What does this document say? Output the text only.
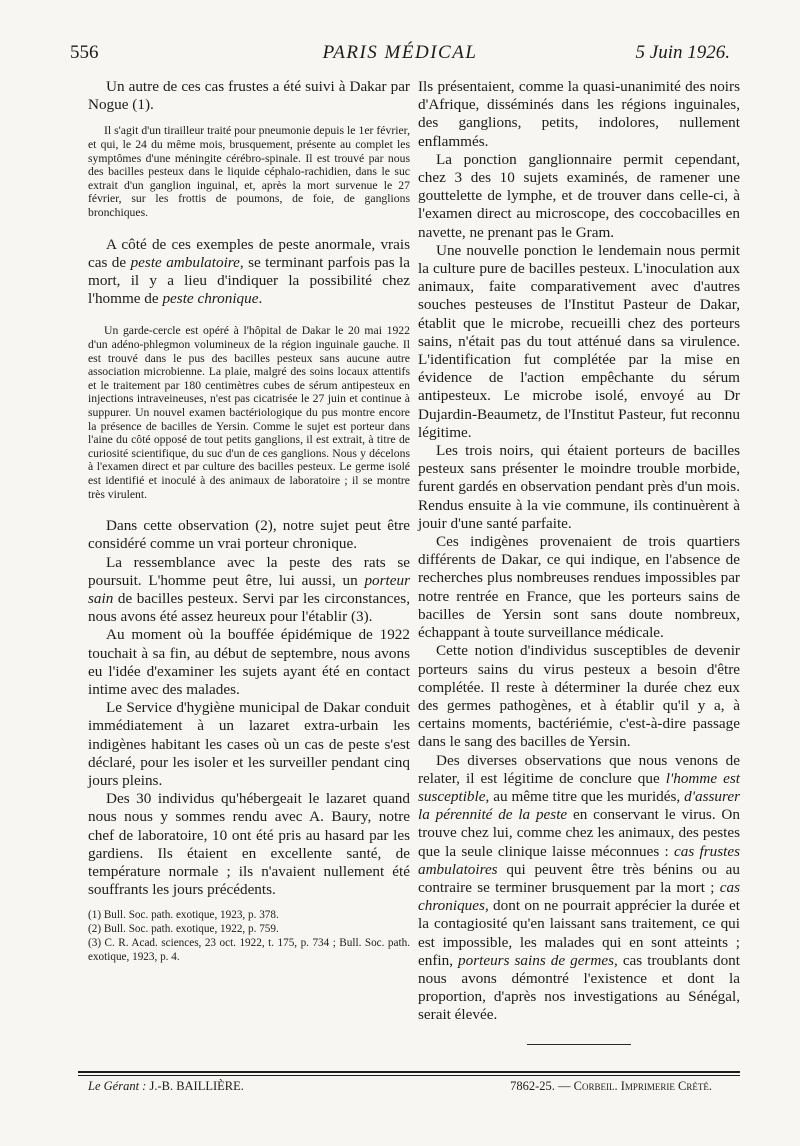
556	PARIS MÉDICAL	5 Juin 1926.

Un autre de ces cas frustes a été suivi à Dakar par Nogue (1).

Il s'agit d'un tirailleur traité pour pneumonie depuis le 1er février, et qui, le 24 du même mois, brusquement, présente au complet les symptômes d'une méningite cérébro-spinale. Il est trouvé par nous des bacilles pesteux dans le liquide céphalo-rachidien, dans le suc extrait d'un ganglion inguinal, et, après la mort survenue le 27 février, sur les frottis de poumons, de foie, de ganglions bronchiques.

A côté de ces exemples de peste anormale, vrais cas de peste ambulatoire, se terminant parfois pas la mort, il y a lieu d'indiquer la possibilité chez l'homme de peste chronique.

Un garde-cercle est opéré à l'hôpital de Dakar le 20 mai 1922 d'un adéno-phlegmon volumineux de la région inguinale gauche. Il est trouvé dans le pus des bacilles pesteux sans aucune autre association microbienne. La plaie, malgré des soins locaux attentifs et le traitement par 180 centimètres cubes de sérum antipesteux en injections intraveineuses, n'est pas cicatrisée le 27 juin et continue à suppurer. Un nouvel examen bactériologique du pus montre encore la présence de bacilles de Yersin. Comme le sujet est porteur dans l'aine du côté opposé de tout petits ganglions, il est extrait, à titre de curiosité scientifique, du suc d'un de ces ganglions. Nous y décelons à l'examen direct et par culture des bacilles pesteux. Le germe isolé est identifié et inoculé à des animaux de laboratoire ; il se montre très virulent.

Dans cette observation (2), notre sujet peut être considéré comme un vrai porteur chronique.

La ressemblance avec la peste des rats se poursuit. L'homme peut être, lui aussi, un porteur sain de bacilles pesteux. Servi par les circonstances, nous avons été assez heureux pour l'établir (3).

Au moment où la bouffée épidémique de 1922 touchait à sa fin, au début de septembre, nous avons eu l'idée d'examiner les sujets ayant été en contact intime avec des malades.

Le Service d'hygiène municipal de Dakar conduit immédiatement à un lazaret extra-urbain les indigènes habitant les cases où un cas de peste s'est déclaré, pour les isoler et les surveiller pendant cinq jours pleins.

Des 30 individus qu'hébergeait le lazaret quand nous nous y sommes rendu avec A. Baury, notre chef de laboratoire, 10 ont été pris au hasard par les gardiens. Ils étaient en excellente santé, de température normale ; ils n'avaient nullement été souffrants les jours précédents.

(1) Bull. Soc. path. exotique, 1923, p. 378.

(2) Bull. Soc. path. exotique, 1922, p. 759.

(3) C. R. Acad. sciences, 23 oct. 1922, t. 175, p. 734 ; Bull. Soc. path. exotique, 1923, p. 4.

Ils présentaient, comme la quasi-unanimité des noirs d'Afrique, disséminés dans les régions inguinales, des ganglions, petits, indolores, nullement enflammés.

La ponction ganglionnaire permit cependant, chez 3 des 10 sujets examinés, de ramener une gouttelette de lymphe, et de trouver dans celle-ci, à l'examen direct au microscope, des coccobacilles en navette, ne prenant pas le Gram.

Une nouvelle ponction le lendemain nous permit la culture pure de bacilles pesteux. L'inoculation aux animaux, faite comparativement avec d'autres souches pesteuses de l'Institut Pasteur de Dakar, établit que le microbe, recueilli chez des porteurs sains, n'était pas du tout atténué dans sa virulence. L'identification fut complétée par la mise en évidence de l'action empêchante du sérum antipesteux. Le microbe isolé, envoyé au Dr Dujardin-Beaumetz, de l'Institut Pasteur, fut reconnu légitime.

Les trois noirs, qui étaient porteurs de bacilles pesteux sans présenter le moindre trouble morbide, furent gardés en observation pendant près d'un mois. Rendus ensuite à la vie commune, ils continuèrent à jouir d'une santé parfaite.

Ces indigènes provenaient de trois quartiers différents de Dakar, ce qui indique, en l'absence de recherches plus nombreuses rendues impossibles par notre rentrée en France, que les porteurs sains de bacilles de Yersin sont sans doute nombreux, échappant à toute surveillance médicale.

Cette notion d'individus susceptibles de devenir porteurs sains du virus pesteux a besoin d'être complétée. Il reste à déterminer la durée chez eux des germes pathogènes, et à établir qu'il y a, à certains moments, bactériémie, c'est-à-dire passage dans le sang des bacilles de Yersin.

Des diverses observations que nous venons de relater, il est légitime de conclure que l'homme est susceptible, au même titre que les muridés, d'assurer la pérennité de la peste en conservant le virus. On trouve chez lui, comme chez les animaux, des pestes que la seule clinique laisse méconnues : cas frustes ambulatoires qui peuvent être très bénins ou au contraire se terminer brusquement par la mort ; cas chroniques, dont on ne pourrait apprécier la durée et la contagiosité qu'en laissant sans traitement, ce qui est impossible, les malades qui en sont atteints ; enfin, porteurs sains de germes, cas troublants dont nous avons démontré l'existence et dont la proportion, d'après nos investigations au Sénégal, serait élevée.

Le Gérant : J.-B. BAILLIÈRE.	7862-25. — Corbeil. Imprimerie Crété.
